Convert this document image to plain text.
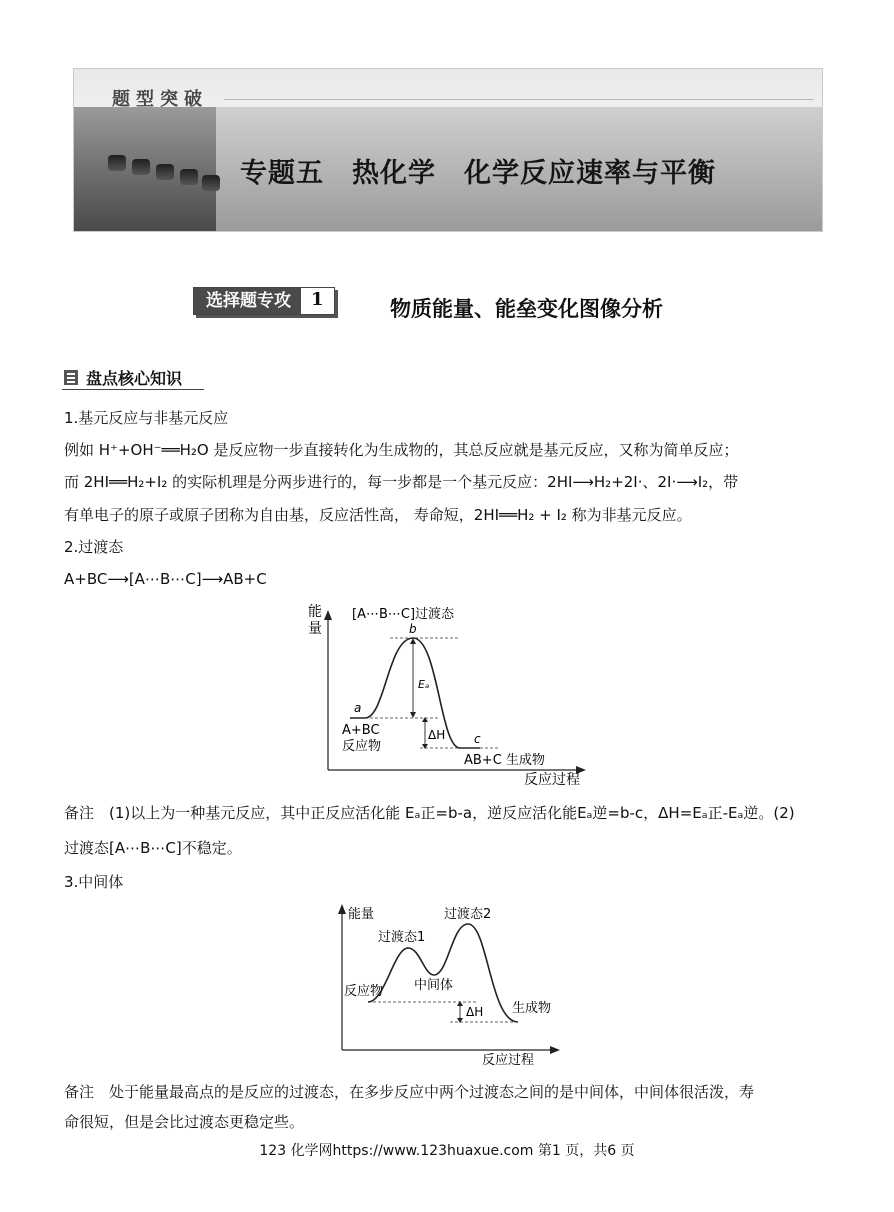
题型突破
专题五　热化学　化学反应速率与平衡
选择题专攻	1	物质能量、能垒变化图像分析
盘点核心知识
1.基元反应与非基元反应
例如 H⁺+OH⁻══H₂O 是反应物一步直接转化为生成物的，其总反应就是基元反应，又称为简单反应；
而 2HI══H₂+I₂ 的实际机理是分两步进行的，每一步都是一个基元反应：2HI⟶H₂+2I·、2I·⟶I₂，带
有单电子的原子或原子团称为自由基，反应活性高， 寿命短，2HI══H₂ + I₂ 称为非基元反应。
2.过渡态
A+BC⟶[A⋯B⋯C]⟶AB+C
能
量
反应过程
[A⋯B⋯C]过渡态
b
a
c
Eₐ
ΔH
A+BC
反应物
AB+C 生成物
备注　(1)以上为一种基元反应，其中正反应活化能 Eₐ正=b-a，逆反应活化能Eₐ逆=b-c，ΔH=Eₐ正-Eₐ逆。(2)
过渡态[A⋯B⋯C]不稳定。
3.中间体
能量
反应过程
过渡态1
过渡态2
中间体
反应物
生成物
ΔH
备注　处于能量最高点的是反应的过渡态，在多步反应中两个过渡态之间的是中间体，中间体很活泼，寿
命很短，但是会比过渡态更稳定些。
123 化学网https://www.123huaxue.com 第1 页，共6 页
